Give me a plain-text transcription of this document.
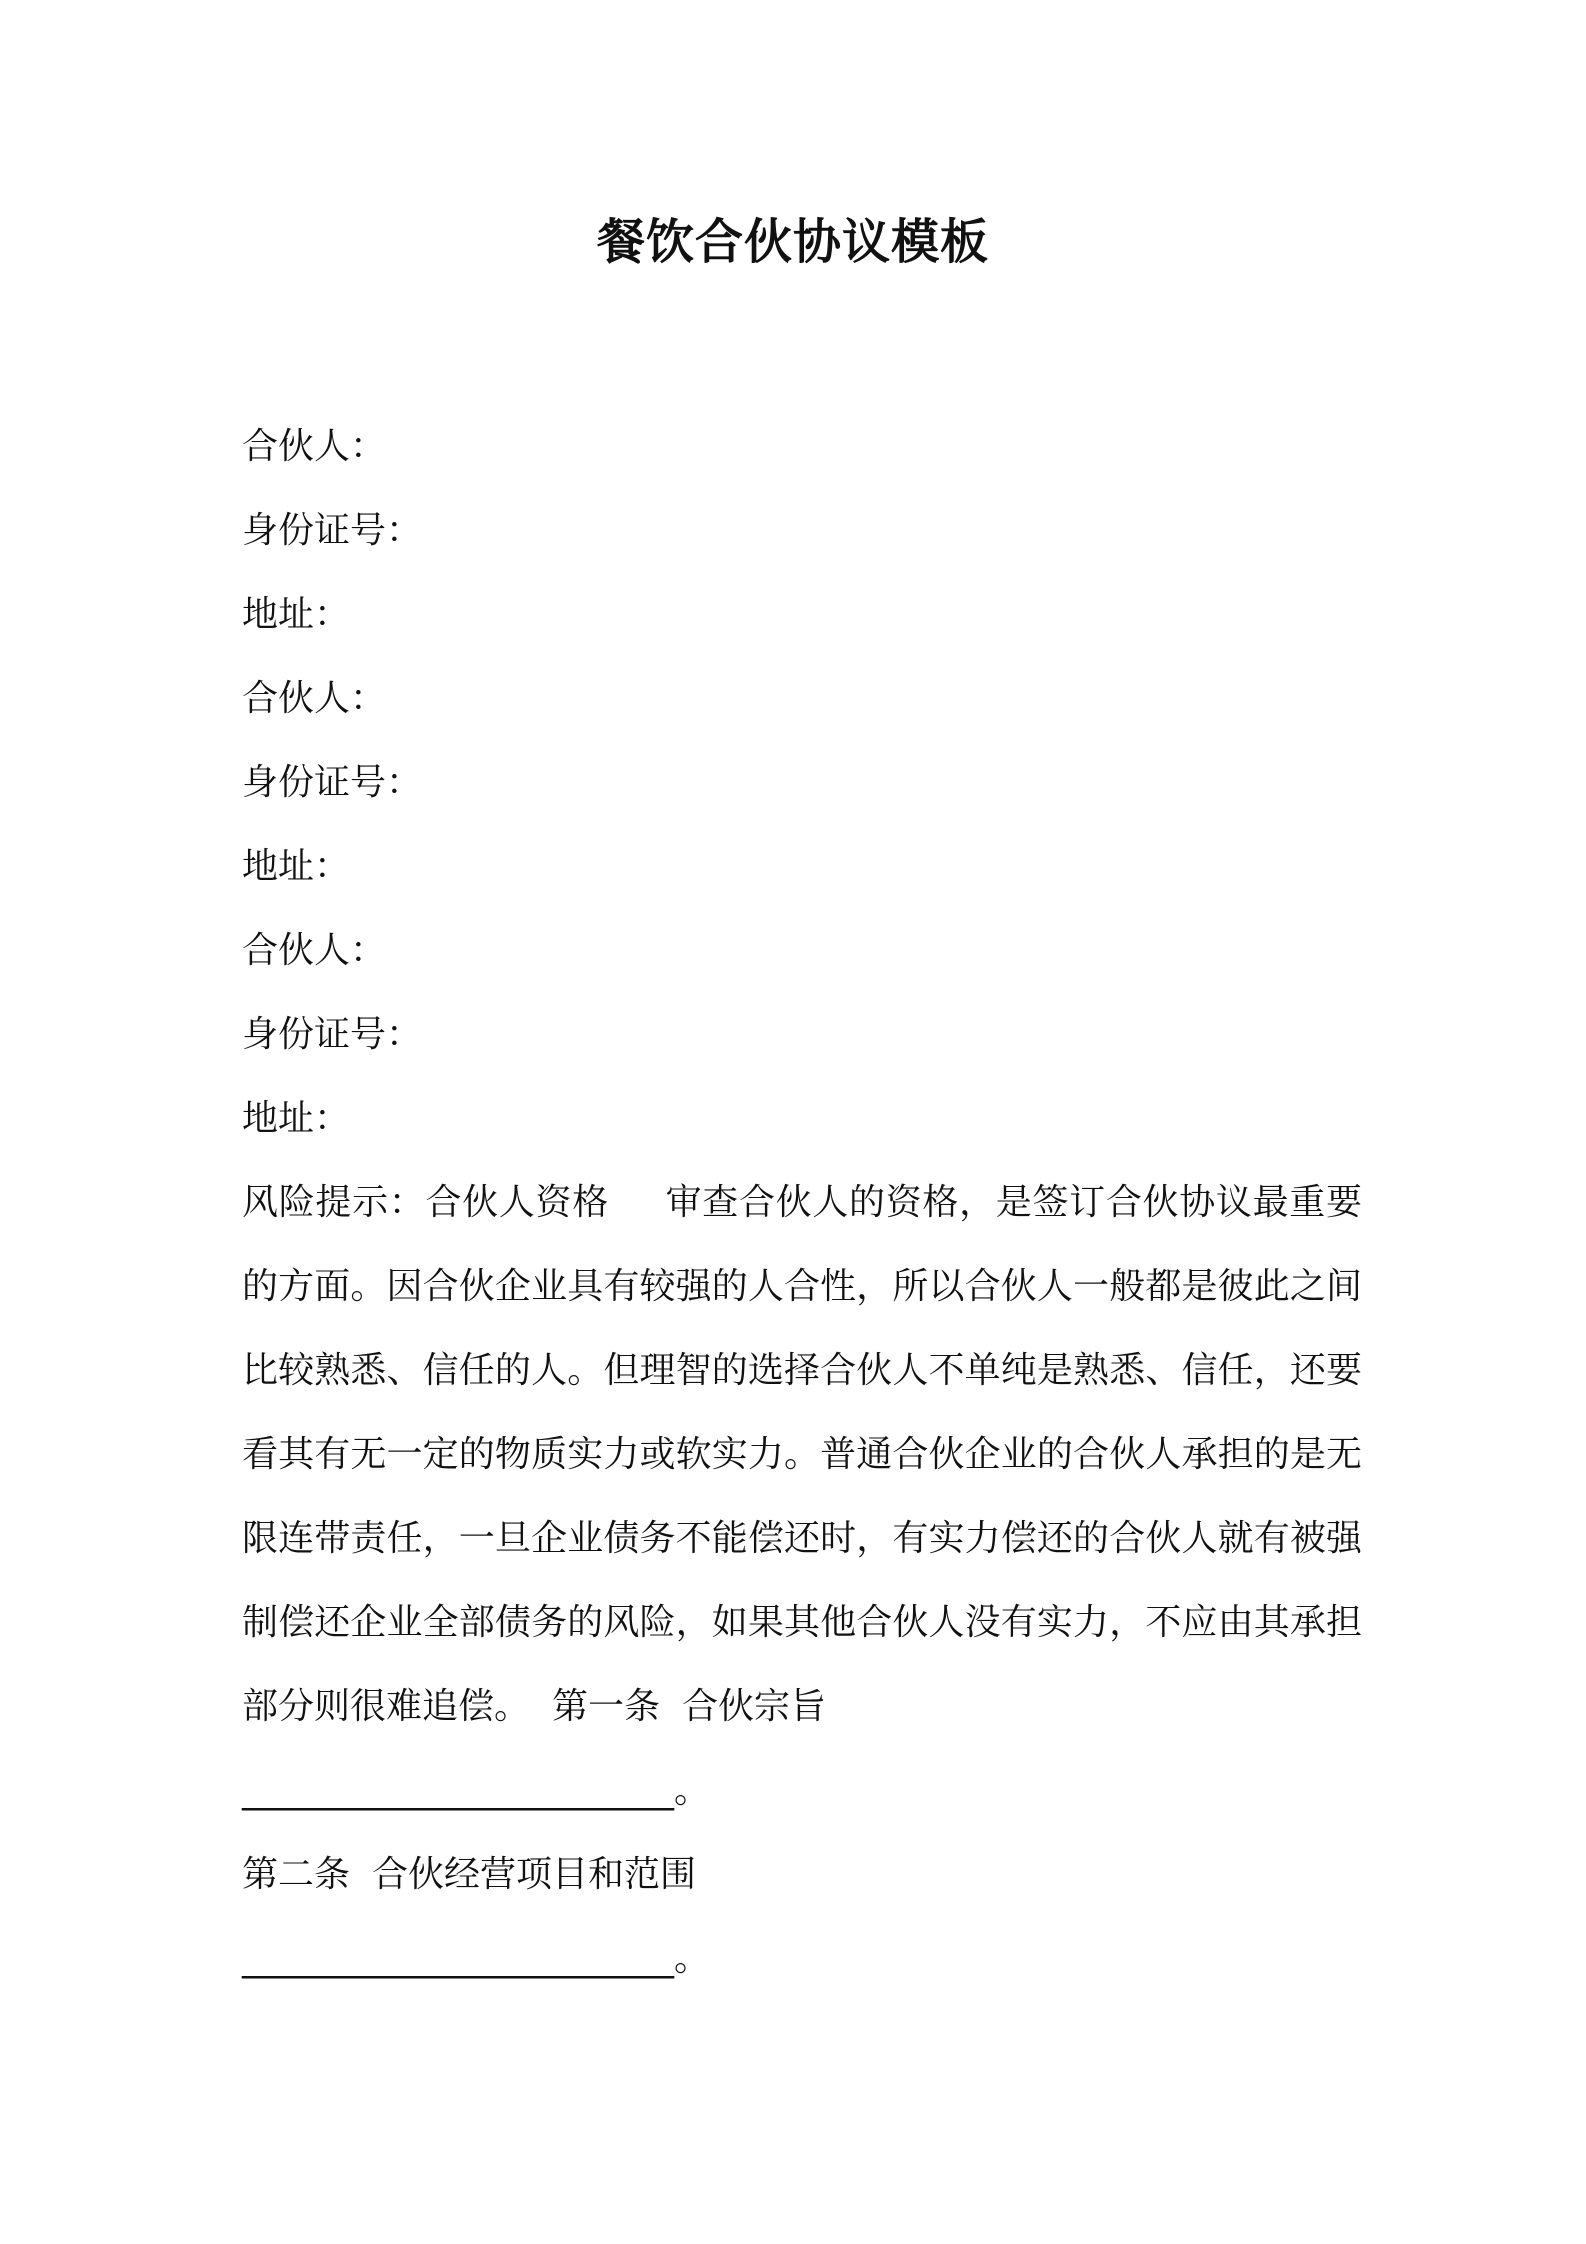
餐饮合伙协议模板
合伙人：
身份证号：
地址：
合伙人：
身份证号：
地址：
合伙人：
身份证号：
地址：
风险提示：合伙人资格 审查合伙人的资格，是签订合伙协议最重要的方面。因合伙企业具有较强的人合性，所以合伙人一般都是彼此之间比较熟悉、信任的人。但理智的选择合伙人不单纯是熟悉、信任，还要看其有无一定的物质实力或软实力。普通合伙企业的合伙人承担的是无限连带责任，一旦企业债务不能偿还时，有实力偿还的合伙人就有被强制偿还企业全部债务的风险，如果其他合伙人没有实力，不应由其承担部分则很难追偿。 第一条 合伙宗旨
________________________。
第二条 合伙经营项目和范围
________________________。
